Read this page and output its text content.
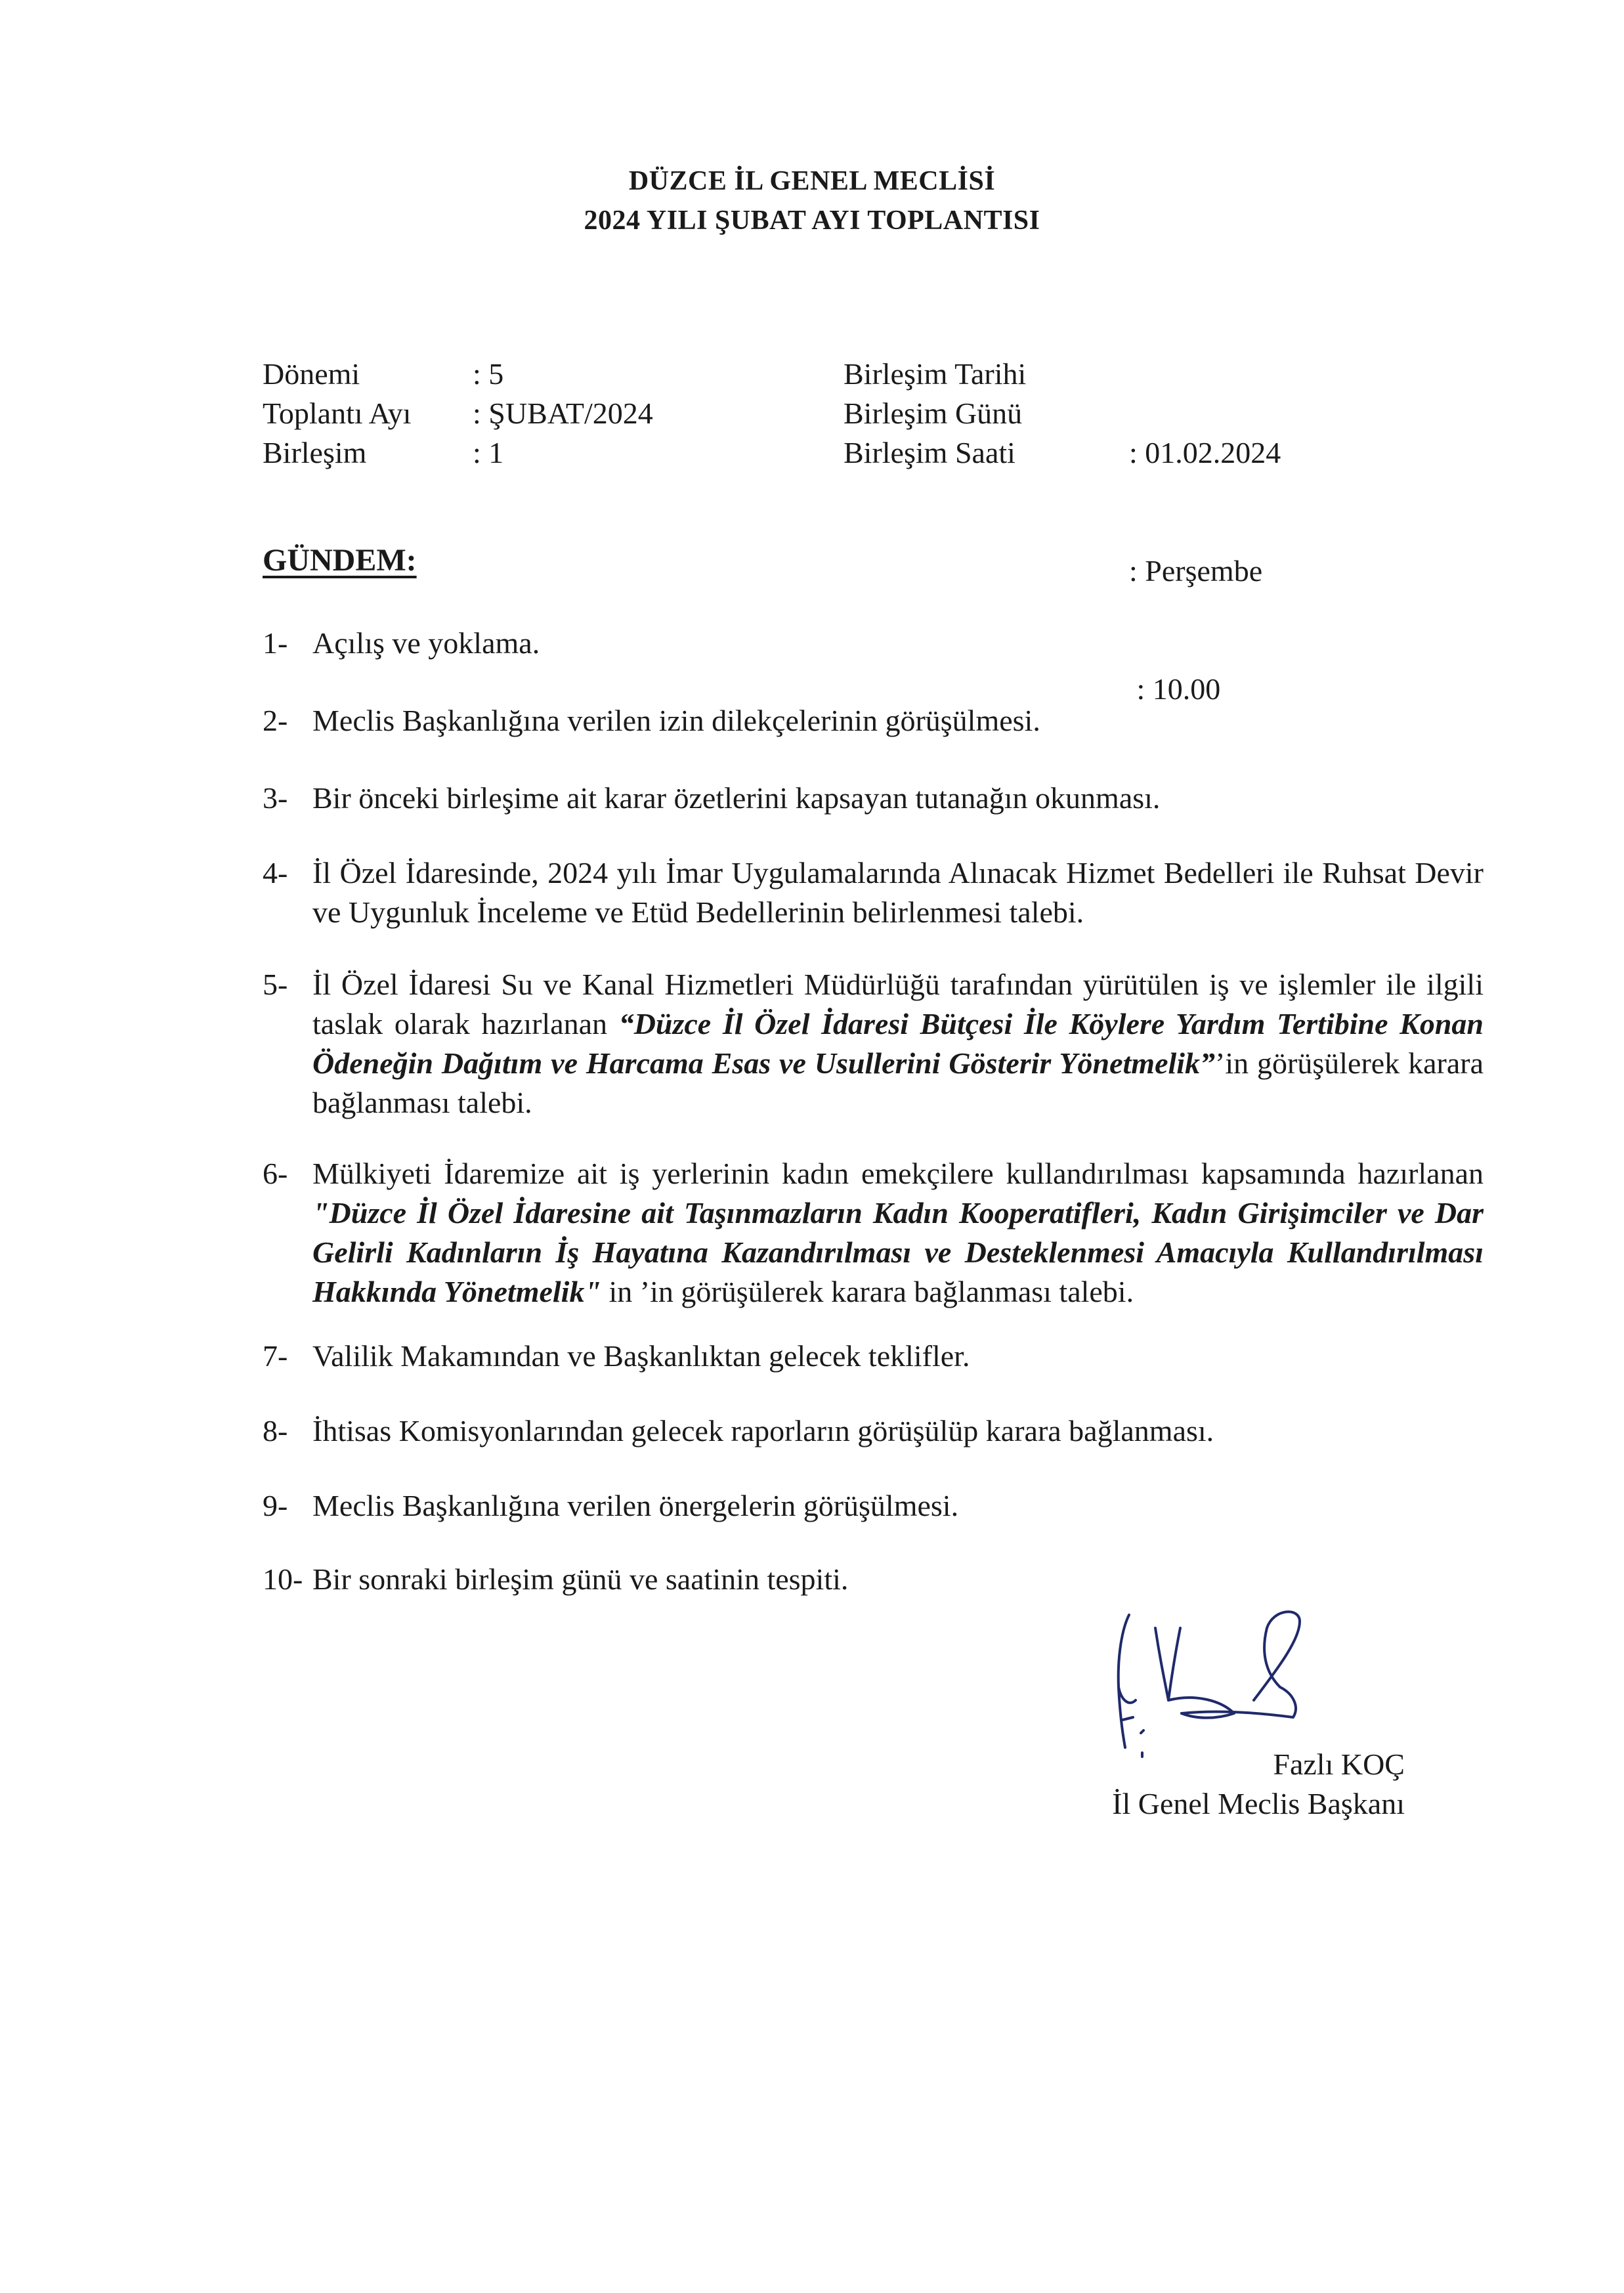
DÜZCE İL GENEL MECLİSİ
2024 YILI ŞUBAT AYI TOPLANTISI
Dönemi
Toplantı Ayı
Birleşim
: 5
: ŞUBAT/2024
: 1
Birleşim Tarihi
Birleşim Günü
Birleşim Saati

	: 01.02.2024

: Perşembe

: 10.00

GÜNDEM:
1- Açılış ve yoklama.
2- Meclis Başkanlığına verilen izin dilekçelerinin görüşülmesi.
3- Bir önceki birleşime ait karar özetlerini kapsayan tutanağın okunması.
4- İl Özel İdaresinde, 2024 yılı İmar Uygulamalarında Alınacak Hizmet Bedelleri ile Ruhsat Devir ve Uygunluk İnceleme ve Etüd Bedellerinin belirlenmesi talebi.
5- İl Özel İdaresi Su ve Kanal Hizmetleri Müdürlüğü tarafından yürütülen iş ve işlemler ile ilgili taslak olarak hazırlanan “Düzce İl Özel İdaresi Bütçesi İle Köylere Yardım Tertibine Konan Ödeneğin Dağıtım ve Harcama Esas ve Usullerini Gösterir Yönetmelik”’in görüşülerek karara bağlanması talebi.
6- Mülkiyeti İdaremize ait iş yerlerinin kadın emekçilere kullandırılması kapsamında hazırlanan "Düzce İl Özel İdaresine ait Taşınmazların Kadın Kooperatifleri, Kadın Girişimciler ve Dar Gelirli Kadınların İş Hayatına Kazandırılması ve Desteklenmesi Amacıyla Kullandırılması Hakkında Yönetmelik" in ’in görüşülerek karara bağlanması talebi.
7- Valilik Makamından ve Başkanlıktan gelecek teklifler.
8- İhtisas Komisyonlarından gelecek raporların görüşülüp karara bağlanması.
9- Meclis Başkanlığına verilen önergelerin görüşülmesi.
10- Bir sonraki birleşim günü ve saatinin tespiti.
Fazlı KOÇ
İl Genel Meclis Başkanı
